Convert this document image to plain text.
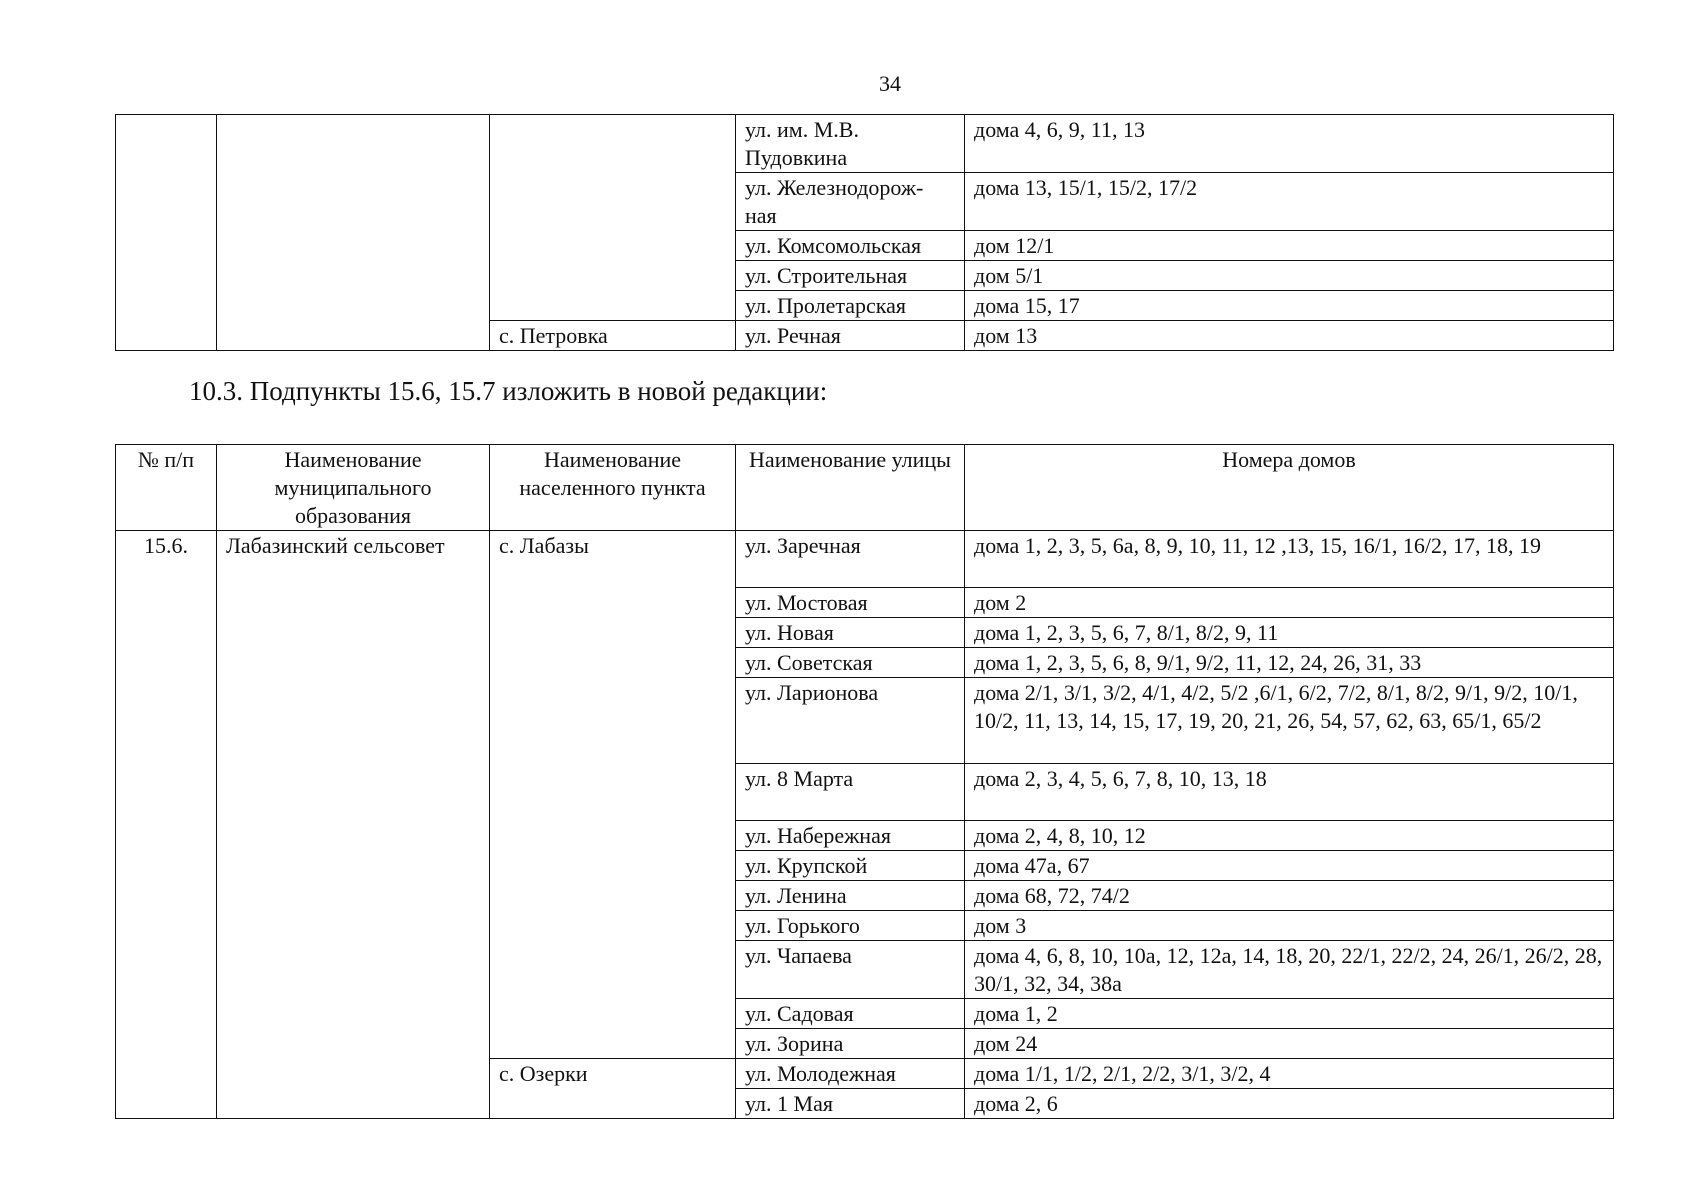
34
			ул. им. М.В. Пудовкина	дома 4, 6, 9, 11, 13
			ул. Железнодорож-ная	дома 13, 15/1, 15/2, 17/2
			ул. Комсомольская	дом 12/1
			ул. Строительная	дом 5/1
			ул. Пролетарская	дома 15, 17
		с. Петровка	ул. Речная	дом 13
10.3. Подпункты 15.6, 15.7 изложить в новой редакции:
№ п/п	Наименование муниципального образования	Наименование населенного пункта	Наименование улицы	Номера домов
15.6.	Лабазинский сельсовет	с. Лабазы	ул. Заречная	дома 1, 2, 3, 5, 6а, 8, 9, 10, 11, 12 ,13, 15, 16/1, 16/2, 17, 18, 19
			ул. Мостовая	дом 2
			ул. Новая	дома 1, 2, 3, 5, 6, 7, 8/1, 8/2, 9, 11
			ул. Советская	дома 1, 2, 3, 5, 6, 8, 9/1, 9/2, 11, 12, 24, 26, 31, 33
			ул. Ларионова	дома 2/1, 3/1, 3/2, 4/1, 4/2, 5/2 ,6/1, 6/2, 7/2, 8/1, 8/2, 9/1, 9/2, 10/1, 10/2, 11, 13, 14, 15, 17, 19, 20, 21, 26, 54, 57, 62, 63, 65/1, 65/2
			ул. 8 Марта	дома 2, 3, 4, 5, 6, 7, 8, 10, 13, 18
			ул. Набережная	дома 2, 4, 8, 10, 12
			ул. Крупской	дома 47а, 67
			ул. Ленина	дома 68, 72, 74/2
			ул. Горького	дом 3
			ул. Чапаева	дома 4, 6, 8, 10, 10а, 12, 12а, 14, 18, 20, 22/1, 22/2, 24, 26/1, 26/2, 28, 30/1, 32, 34, 38а
			ул. Садовая	дома 1, 2
			ул. Зорина	дом 24
		с. Озерки	ул. Молодежная	дома 1/1, 1/2, 2/1, 2/2, 3/1, 3/2, 4
			ул. 1 Мая	дома 2, 6
